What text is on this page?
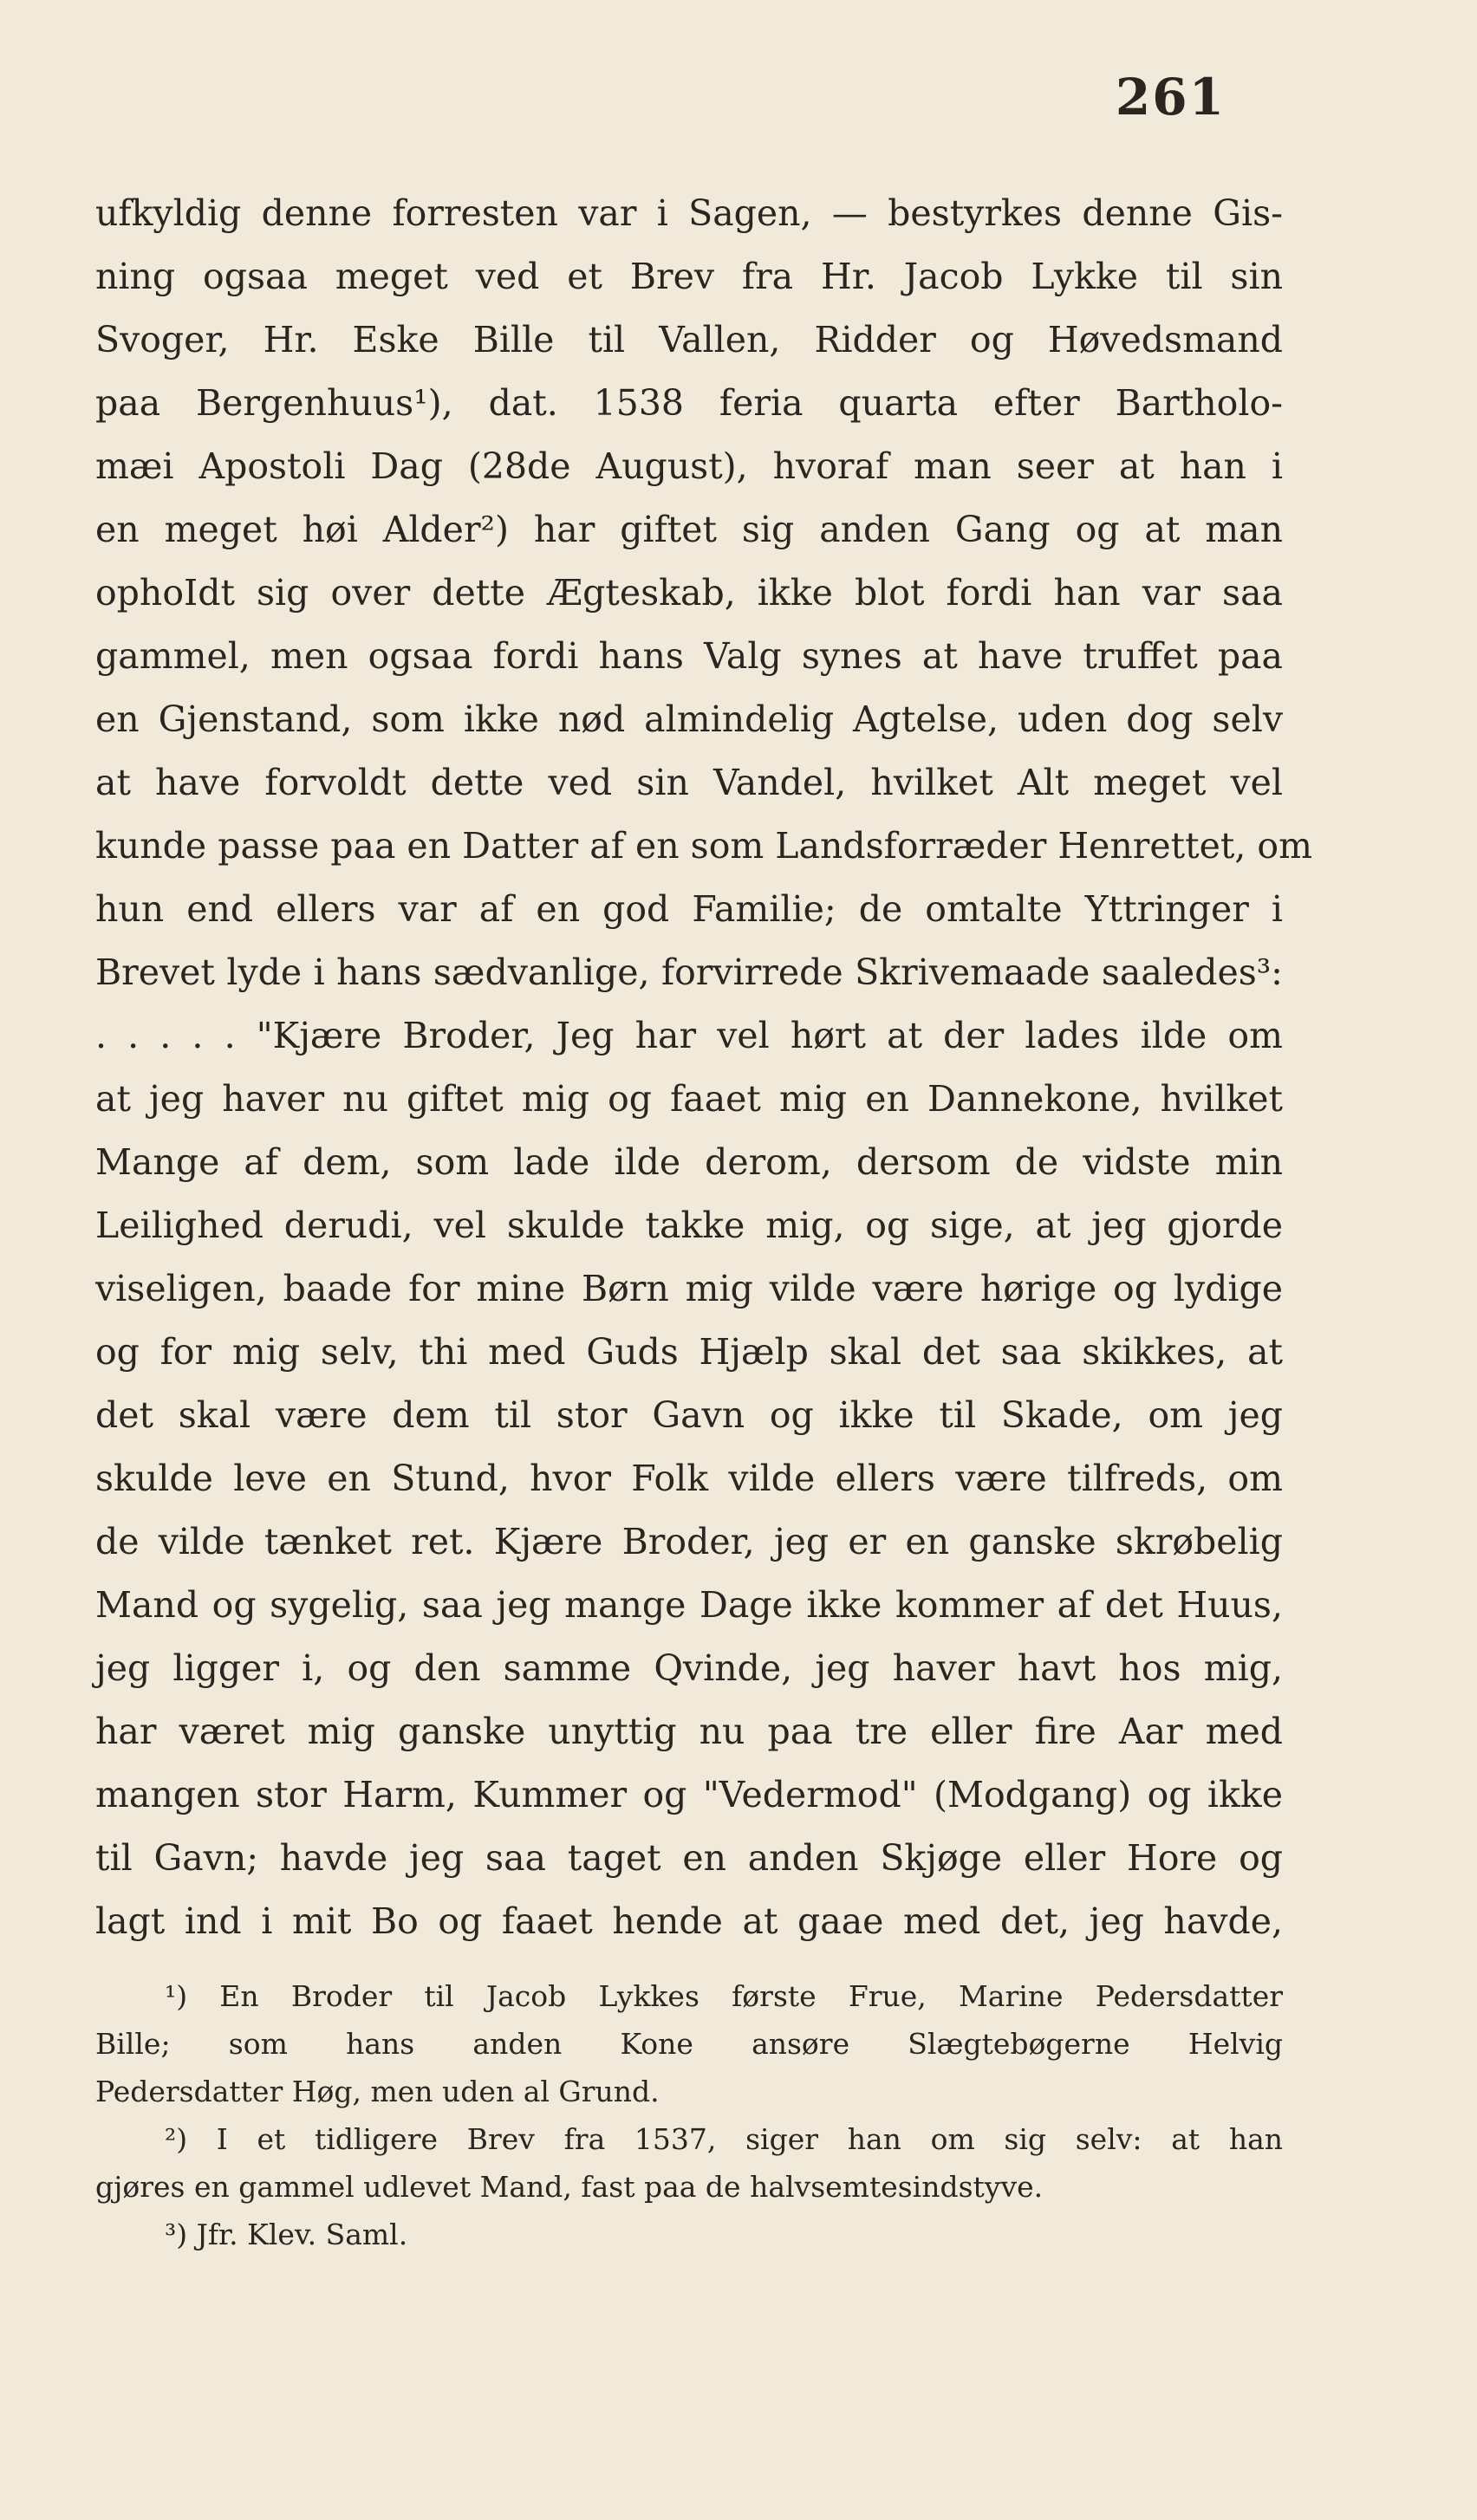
261
ufkyldig denne forresten var i Sagen, — bestyrkes denne Gis-
ning ogsaa meget ved et Brev fra Hr. Jacob Lykke til sin
Svoger, Hr. Eske Bille til Vallen, Ridder og Høvedsmand
paa Bergenhuus¹), dat. 1538 feria quarta efter Bartholo-
mæi Apostoli Dag (28de August), hvoraf man seer at han i
en meget høi Alder²) har giftet sig anden Gang og at man
ophoIdt sig over dette Ægteskab, ikke blot fordi han var saa
gammel, men ogsaa fordi hans Valg synes at have truffet paa
en Gjenstand, som ikke nød almindelig Agtelse, uden dog selv
at have forvoldt dette ved sin Vandel, hvilket Alt meget vel
kunde passe paa en Datter af en som Landsforræder Henrettet, om
hun end ellers var af en god Familie; de omtalte Yttringer i
Brevet lyde i hans sædvanlige, forvirrede Skrivemaade saaledes³:
. . . . . "Kjære Broder, Jeg har vel hørt at der lades ilde om
at jeg haver nu giftet mig og faaet mig en Dannekone, hvilket
Mange af dem, som lade ilde derom, dersom de vidste min
Leilighed derudi, vel skulde takke mig, og sige, at jeg gjorde
viseligen, baade for mine Børn mig vilde være hørige og lydige
og for mig selv, thi med Guds Hjælp skal det saa skikkes, at
det skal være dem til stor Gavn og ikke til Skade, om jeg
skulde leve en Stund, hvor Folk vilde ellers være tilfreds, om
de vilde tænket ret. Kjære Broder, jeg er en ganske skrøbelig
Mand og sygelig, saa jeg mange Dage ikke kommer af det Huus,
jeg ligger i, og den samme Qvinde, jeg haver havt hos mig,
har været mig ganske unyttig nu paa tre eller fire Aar med
mangen stor Harm, Kummer og "Vedermod" (Modgang) og ikke
til Gavn; havde jeg saa taget en anden Skjøge eller Hore og
lagt ind i mit Bo og faaet hende at gaae med det, jeg havde,
¹) En Broder til Jacob Lykkes første Frue, Marine Pedersdatter
Bille; som hans anden Kone ansøre Slægtebøgerne Helvig
Pedersdatter Høg, men uden al Grund.
²) I et tidligere Brev fra 1537, siger han om sig selv: at han
gjøres en gammel udlevet Mand, fast paa de halvsemtesindstyve.
³) Jfr. Klev. Saml.
